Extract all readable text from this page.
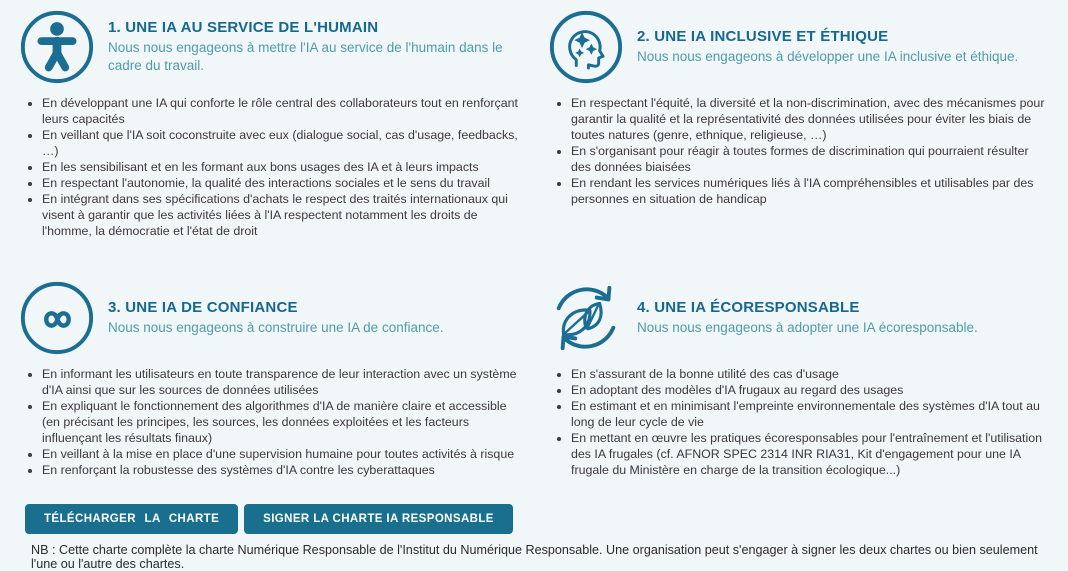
1. UNE IA AU SERVICE DE L'HUMAIN

Nous nous engageons à mettre l'IA au service de l'humain dans le cadre du travail.

• En développant une IA qui conforte le rôle central des collaborateurs tout en renforçant leurs capacités
• En veillant que l'IA soit coconstruite avec eux (dialogue social, cas d'usage, feedbacks, …)
• En les sensibilisant et en les formant aux bons usages des IA et à leurs impacts
• En respectant l'autonomie, la qualité des interactions sociales et le sens du travail
• En intégrant dans ses spécifications d'achats le respect des traités internationaux qui visent à garantir que les activités liées à l'IA respectent notamment les droits de l'homme, la démocratie et l'état de droit
2. UNE IA INCLUSIVE ET ÉTHIQUE

Nous nous engageons à développer une IA inclusive et éthique.

• En respectant l'équité, la diversité et la non-discrimination, avec des mécanismes pour garantir la qualité et la représentativité des données utilisées pour éviter les biais de toutes natures (genre, ethnique, religieuse, …)
• En s'organisant pour réagir à toutes formes de discrimination qui pourraient résulter des données biaisées
• En rendant les services numériques liés à l'IA compréhensibles et utilisables par des personnes en situation de handicap
3. UNE IA DE CONFIANCE

Nous nous engageons à construire une IA de confiance.

• En informant les utilisateurs en toute transparence de leur interaction avec un système d'IA ainsi que sur les sources de données utilisées
• En expliquant le fonctionnement des algorithmes d'IA de manière claire et accessible (en précisant les principes, les sources, les données exploitées et les facteurs influençant les résultats finaux)
• En veillant à la mise en place d'une supervision humaine pour toutes activités à risque
• En renforçant la robustesse des systèmes d'IA contre les cyberattaques
4. UNE IA ÉCORESPONSABLE

Nous nous engageons à adopter une IA écoresponsable.

• En s'assurant de la bonne utilité des cas d'usage
• En adoptant des modèles d'IA frugaux au regard des usages
• En estimant et en minimisant l'empreinte environnementale des systèmes d'IA tout au long de leur cycle de vie
• En mettant en œuvre les pratiques écoresponsables pour l'entraînement et l'utilisation des IA frugales (cf. AFNOR SPEC 2314 INR RIA31, Kit d'engagement pour une IA frugale du Ministère en charge de la transition écologique...)
TÉLÉCHARGER LA CHARTE	SIGNER LA CHARTE IA RESPONSABLE

NB : Cette charte complète la charte Numérique Responsable de l'Institut du Numérique Responsable. Une organisation peut s'engager à signer les deux chartes ou bien seulement l'une ou l'autre des chartes.
